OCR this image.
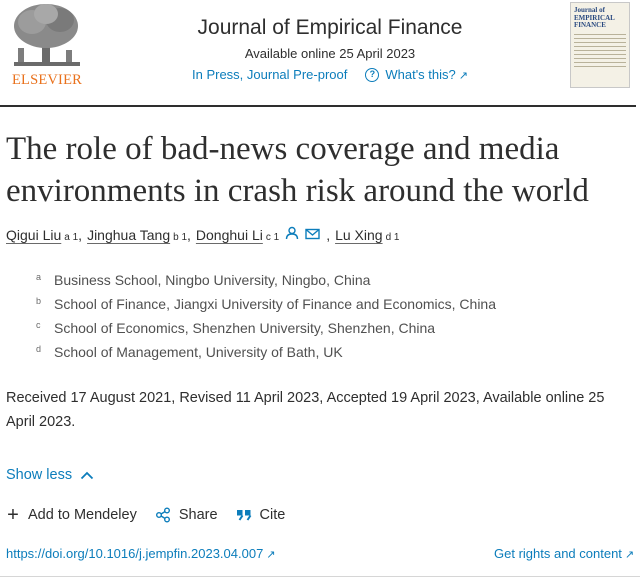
ELSEVIER
Journal of Empirical Finance
Available online 25 April 2023
In Press, Journal Pre-proof	? What's this? ↗
Journal of EMPIRICAL FINANCE
The role of bad-news coverage and media environments in crash risk around the world
Qigui Liu a 1 , Jinghua Tang b 1 , Donghui Li c 1	, Lu Xing d 1
a Business School, Ningbo University, Ningbo, China
b School of Finance, Jiangxi University of Finance and Economics, China
c School of Economics, Shenzhen University, Shenzhen, China
d School of Management, University of Bath, UK
Received 17 August 2021, Revised 11 April 2023, Accepted 19 April 2023, Available online 25 April 2023.
Show less
+ Add to Mendeley	Share	Cite
https://doi.org/10.1016/j.jempfin.2023.04.007 ↗	Get rights and content ↗
